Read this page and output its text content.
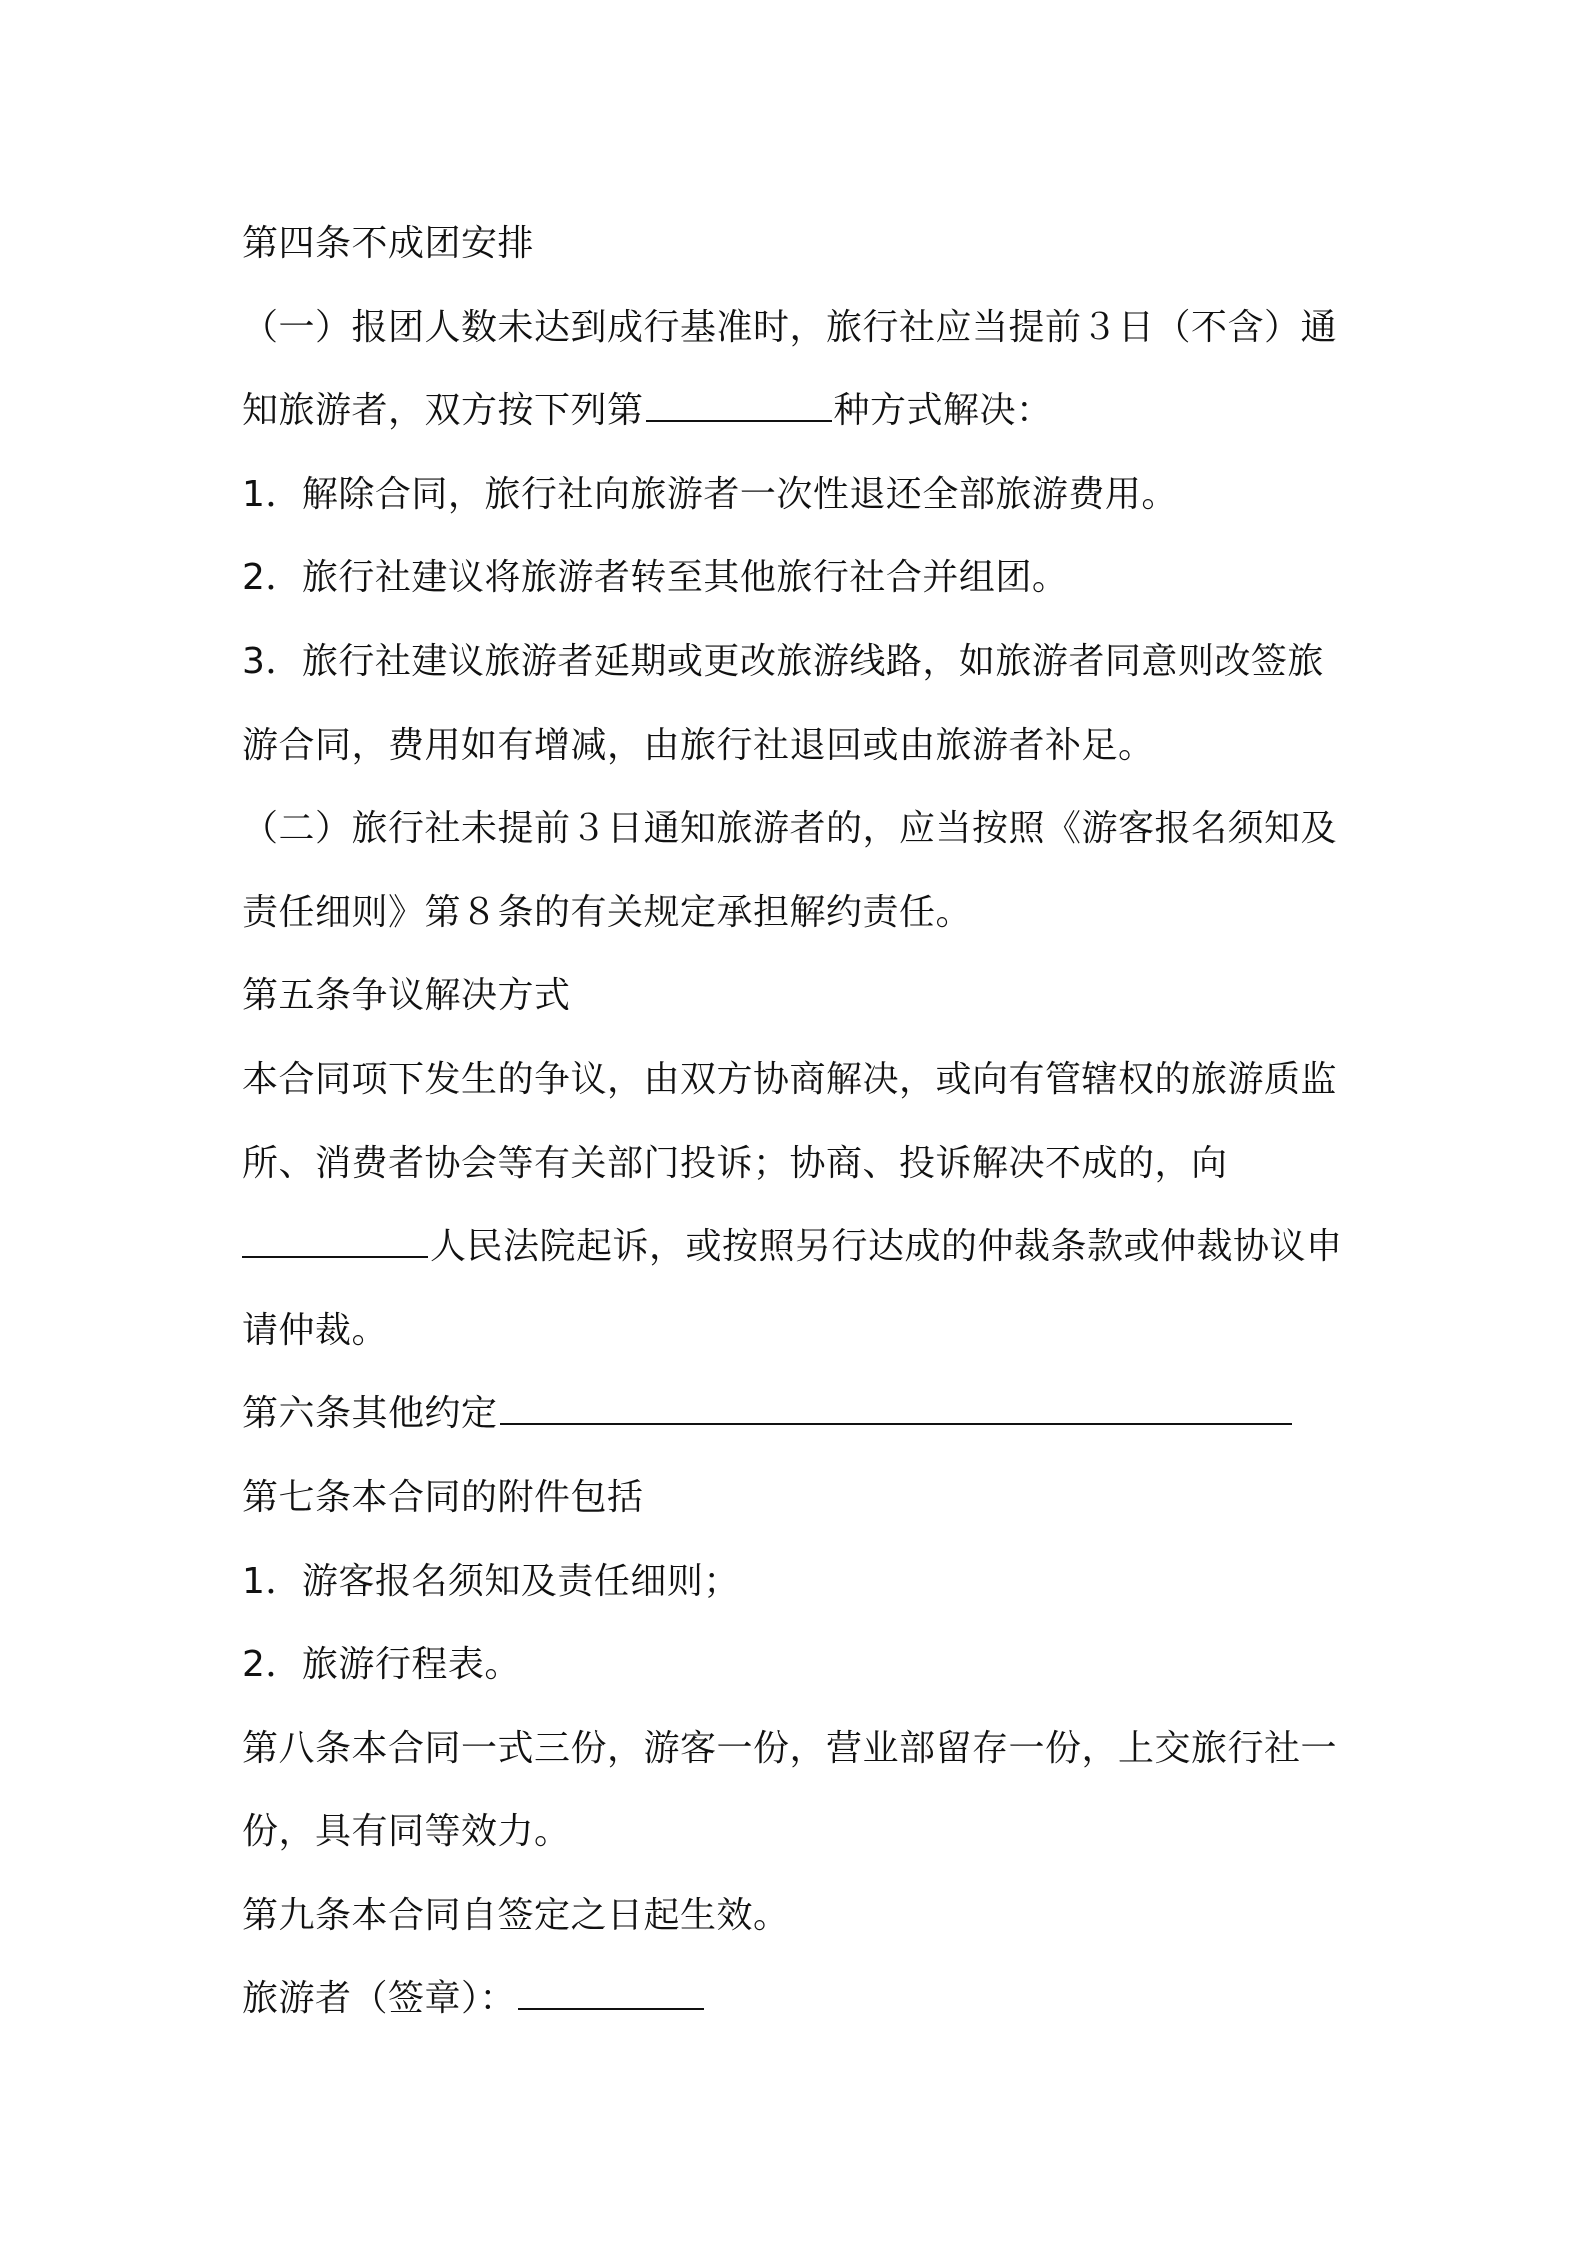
第四条不成团安排
（一）报团人数未达到成行基准时，旅行社应当提前３日（不含）通
知旅游者，双方按下列第	种方式解决：
1．解除合同，旅行社向旅游者一次性退还全部旅游费用。
2．旅行社建议将旅游者转至其他旅行社合并组团。
3．旅行社建议旅游者延期或更改旅游线路，如旅游者同意则改签旅
游合同，费用如有增减，由旅行社退回或由旅游者补足。
（二）旅行社未提前３日通知旅游者的，应当按照《游客报名须知及
责任细则》第８条的有关规定承担解约责任。
第五条争议解决方式
本合同项下发生的争议，由双方协商解决，或向有管辖权的旅游质监
所、消费者协会等有关部门投诉；协商、投诉解决不成的，向
人民法院起诉，或按照另行达成的仲裁条款或仲裁协议申
请仲裁。
第六条其他约定
第七条本合同的附件包括
1．游客报名须知及责任细则；
2．旅游行程表。
第八条本合同一式三份，游客一份，营业部留存一份，上交旅行社一
份，具有同等效力。
第九条本合同自签定之日起生效。
旅游者（签章）：
